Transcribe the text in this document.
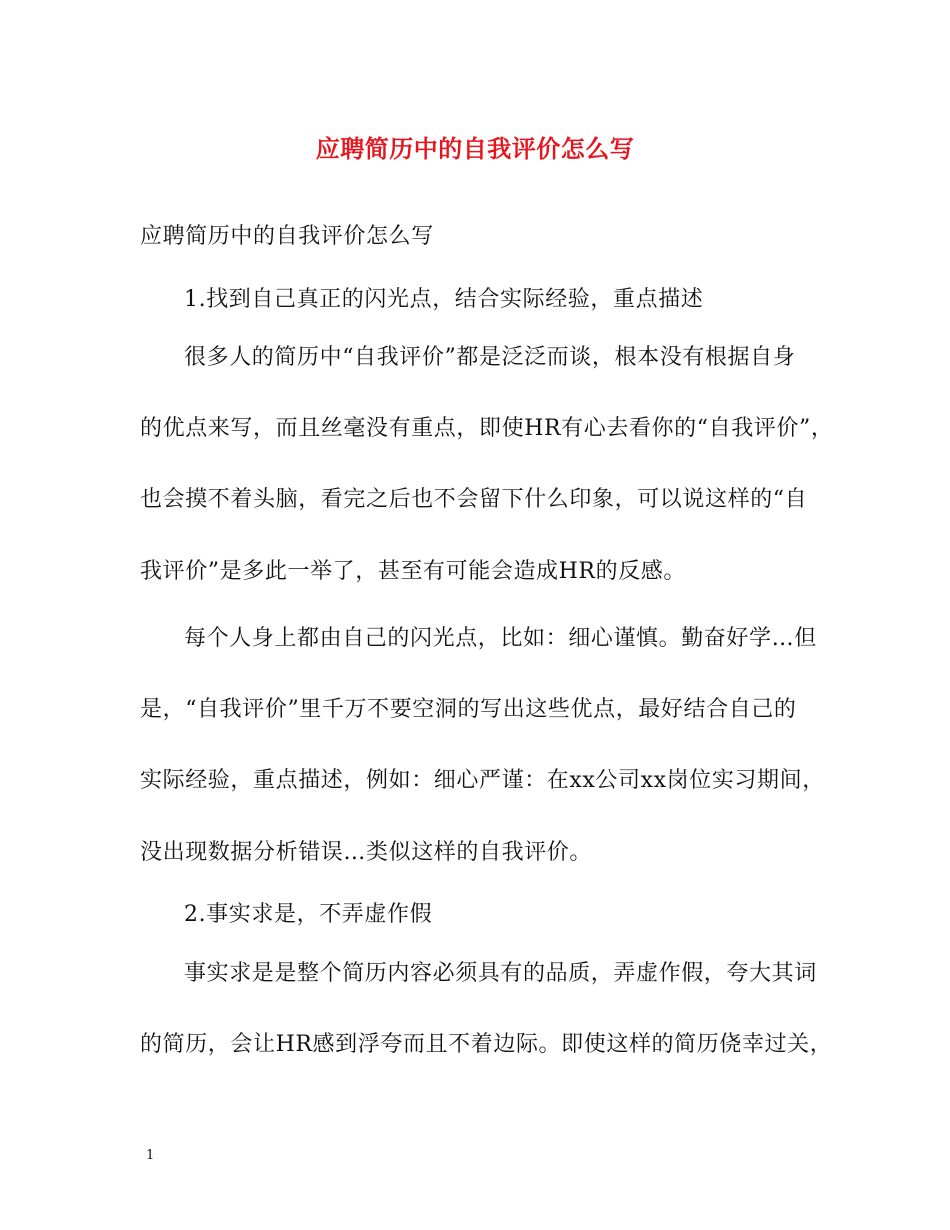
应聘简历中的自我评价怎么写
应聘简历中的自我评价怎么写
1.找到自己真正的闪光点，结合实际经验，重点描述
很多人的简历中“自我评价”都是泛泛而谈，根本没有根据自身
的优点来写，而且丝毫没有重点，即使HR有心去看你的“自我评价”，
也会摸不着头脑，看完之后也不会留下什么印象，可以说这样的“自
我评价”是多此一举了，甚至有可能会造成HR的反感。
每个人身上都由自己的闪光点，比如：细心谨慎。勤奋好学…但
是，“自我评价”里千万不要空洞的写出这些优点，最好结合自己的
实际经验，重点描述，例如：细心严谨：在xx公司xx岗位实习期间，
没出现数据分析错误…类似这样的自我评价。
2.事实求是，不弄虚作假
事实求是是整个简历内容必须具有的品质，弄虚作假，夸大其词
的简历，会让HR感到浮夸而且不着边际。即使这样的简历侥幸过关，
1
